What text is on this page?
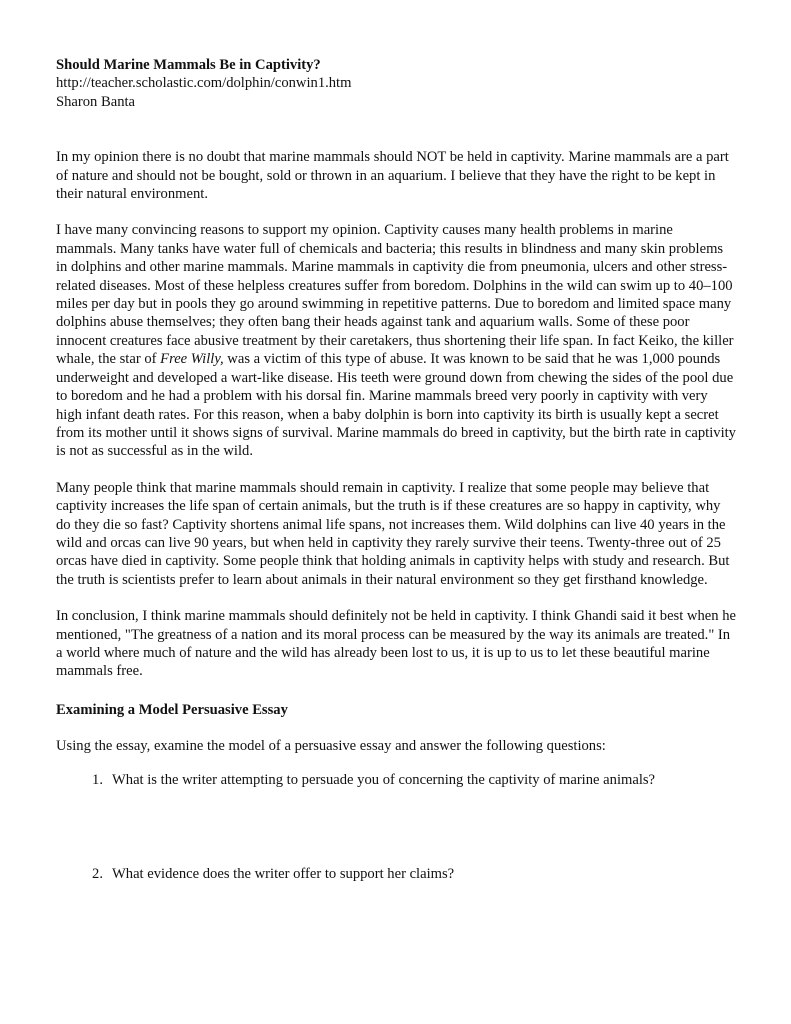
Should Marine Mammals Be in Captivity?

http://teacher.scholastic.com/dolphin/conwin1.htm

Sharon Banta

In my opinion there is no doubt that marine mammals should NOT be held in captivity. Marine mammals are a part of nature and should not be bought, sold or thrown in an aquarium. I believe that they have the right to be kept in their natural environment.

I have many convincing reasons to support my opinion. Captivity causes many health problems in marine mammals. Many tanks have water full of chemicals and bacteria; this results in blindness and many skin problems in dolphins and other marine mammals. Marine mammals in captivity die from pneumonia, ulcers and other stress-related diseases. Most of these helpless creatures suffer from boredom. Dolphins in the wild can swim up to 40–100 miles per day but in pools they go around swimming in repetitive patterns. Due to boredom and limited space many dolphins abuse themselves; they often bang their heads against tank and aquarium walls. Some of these poor innocent creatures face abusive treatment by their caretakers, thus shortening their life span. In fact Keiko, the killer whale, the star of Free Willy, was a victim of this type of abuse. It was known to be said that he was 1,000 pounds underweight and developed a wart-like disease. His teeth were ground down from chewing the sides of the pool due to boredom and he had a problem with his dorsal fin. Marine mammals breed very poorly in captivity with very high infant death rates. For this reason, when a baby dolphin is born into captivity its birth is usually kept a secret from its mother until it shows signs of survival. Marine mammals do breed in captivity, but the birth rate in captivity is not as successful as in the wild.

Many people think that marine mammals should remain in captivity. I realize that some people may believe that captivity increases the life span of certain animals, but the truth is if these creatures are so happy in captivity, why do they die so fast? Captivity shortens animal life spans, not increases them. Wild dolphins can live 40 years in the wild and orcas can live 90 years, but when held in captivity they rarely survive their teens. Twenty-three out of 25 orcas have died in captivity. Some people think that holding animals in captivity helps with study and research. But the truth is scientists prefer to learn about animals in their natural environment so they get firsthand knowledge.

In conclusion, I think marine mammals should definitely not be held in captivity. I think Ghandi said it best when he mentioned, "The greatness of a nation and its moral process can be measured by the way its animals are treated." In a world where much of nature and the wild has already been lost to us, it is up to us to let these beautiful marine mammals free.

Examining a Model Persuasive Essay

Using the essay, examine the model of a persuasive essay and answer the following questions:

1. What is the writer attempting to persuade you of concerning the captivity of marine animals?
2. What evidence does the writer offer to support her claims?
